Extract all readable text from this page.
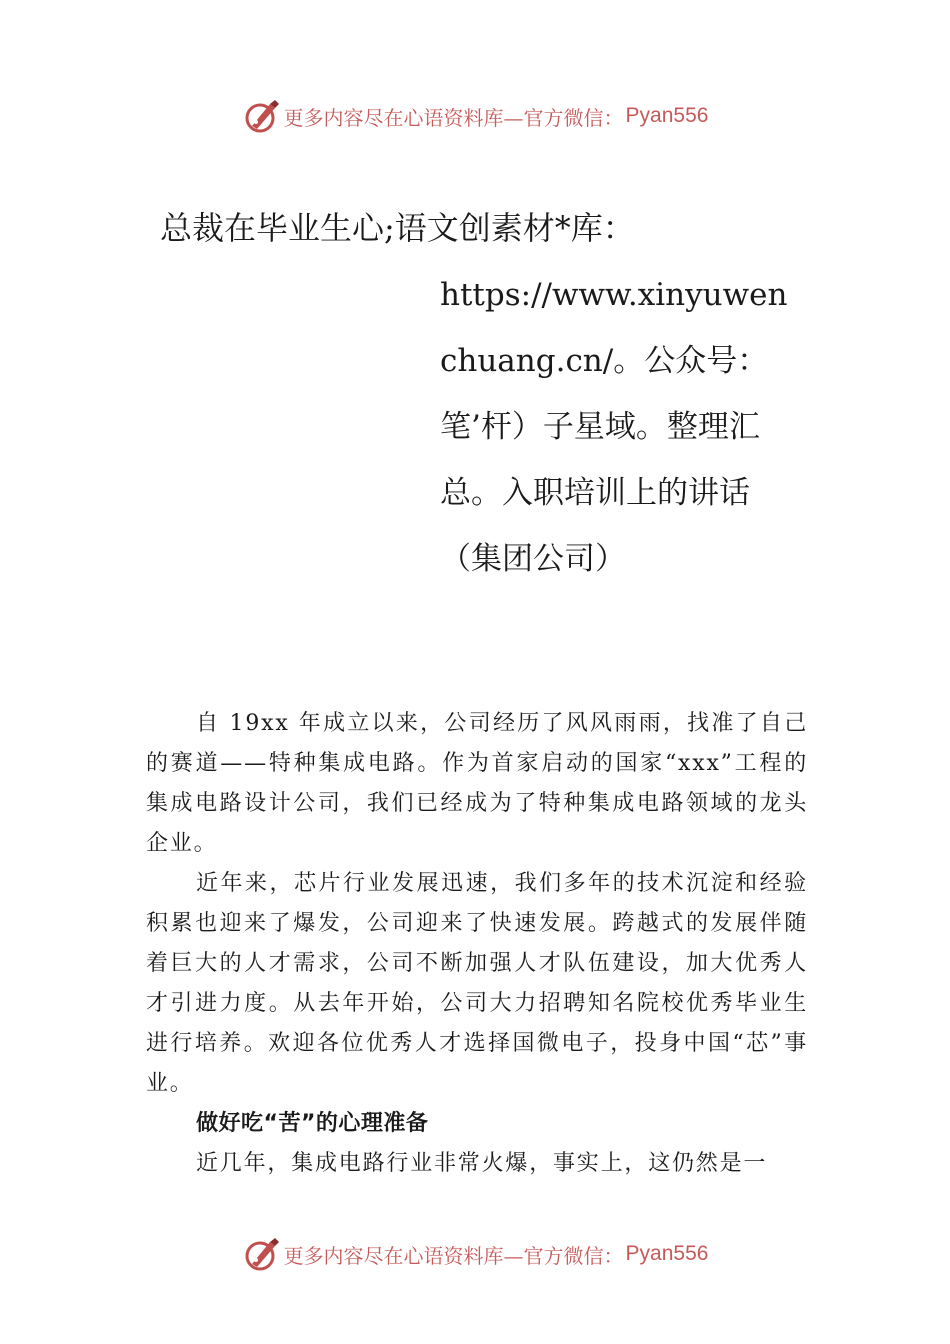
更多内容尽在心语资料库—官方微信： Pyan556
总裁在毕业生心;语文创素材*库：
https://www.xinyuwenchuang.cn/。公众号：笔’杆）子星域。整理汇总。入职培训上的讲话（集团公司）

自 19xx 年成立以来，公司经历了风风雨雨，找准了自己的赛道——特种集成电路。作为首家启动的国家“xxx”工程的集成电路设计公司，我们已经成为了特种集成电路领域的龙头企业。

近年来，芯片行业发展迅速，我们多年的技术沉淀和经验积累也迎来了爆发，公司迎来了快速发展。跨越式的发展伴随着巨大的人才需求，公司不断加强人才队伍建设，加大优秀人才引进力度。从去年开始，公司大力招聘知名院校优秀毕业生进行培养。欢迎各位优秀人才选择国微电子，投身中国“芯”事业。

做好吃“苦”的心理准备

近几年，集成电路行业非常火爆，事实上，这仍然是一

更多内容尽在心语资料库—官方微信： Pyan556
